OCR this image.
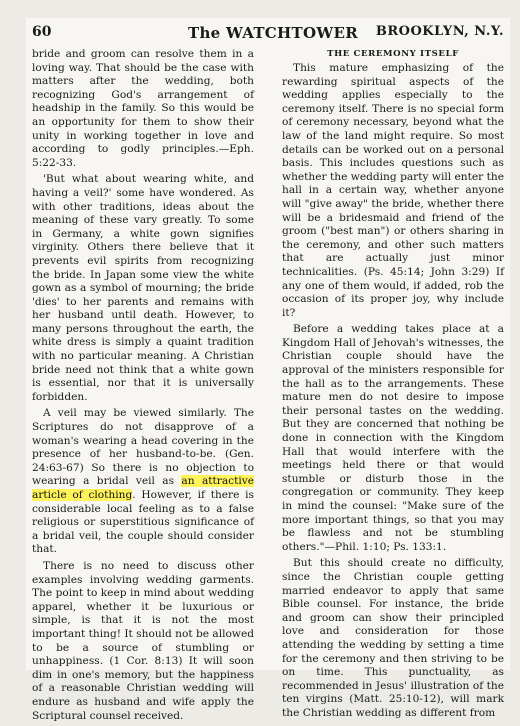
60	The WATCHTOWER BROOKLYN, N.Y.

bride and groom can resolve them in a loving way. That should be the case with matters after the wedding, both recognizing God's arrangement of headship in the family. So this would be an opportunity for them to show their unity in working together in love and according to godly principles.—Eph. 5:22-33.

'But what about wearing white, and having a veil?' some have wondered. As with other traditions, ideas about the meaning of these vary greatly. To some in Germany, a white gown signifies virginity. Others there believe that it prevents evil spirits from recognizing the bride. In Japan some view the white gown as a symbol of mourning; the bride 'dies' to her parents and remains with her husband until death. However, to many persons throughout the earth, the white dress is simply a quaint tradition with no particular meaning. A Christian bride need not think that a white gown is essential, nor that it is universally forbidden.

A veil may be viewed similarly. The Scriptures do not disapprove of a woman's wearing a head covering in the presence of her husband-to-be. (Gen. 24:63-67) So there is no objection to wearing a bridal veil as an attractive article of clothing. However, if there is considerable local feeling as to a false religious or superstitious significance of a bridal veil, the couple should consider that.

There is no need to discuss other examples involving wedding garments. The point to keep in mind about wedding apparel, whether it be luxurious or simple, is that it is not the most important thing! It should not be allowed to be a source of stumbling or unhappiness. (1 Cor. 8:13) It will soon dim in one's memory, but the happiness of a reasonable Christian wedding will endure as husband and wife apply the Scriptural counsel received.

THE CEREMONY ITSELF

This mature emphasizing of the rewarding spiritual aspects of the wedding applies especially to the ceremony itself. There is no special form of ceremony necessary, beyond what the law of the land might require. So most details can be worked out on a personal basis. This includes questions such as whether the wedding party will enter the hall in a certain way, whether anyone will "give away" the bride, whether there will be a bridesmaid and friend of the groom ("best man") or others sharing in the ceremony, and other such matters that are actually just minor technicalities. (Ps. 45:14; John 3:29) If any one of them would, if added, rob the occasion of its proper joy, why include it?

Before a wedding takes place at a Kingdom Hall of Jehovah's witnesses, the Christian couple should have the approval of the ministers responsible for the hall as to the arrangements. These mature men do not desire to impose their personal tastes on the wedding. But they are concerned that nothing be done in connection with the Kingdom Hall that would interfere with the meetings held there or that would stumble or disturb those in the congregation or community. They keep in mind the counsel: "Make sure of the more important things, so that you may be flawless and not be stumbling others."—Phil. 1:10; Ps. 133:1.

But this should create no difficulty, since the Christian couple getting married endeavor to apply that same Bible counsel. For instance, the bride and groom can show their principled love and consideration for those attending the wedding by setting a time for the ceremony and then striving to be on time. This punctuality, as recommended in Jesus' illustration of the ten virgins (Matt. 25:10-12), will mark the Christian wedding as different from
